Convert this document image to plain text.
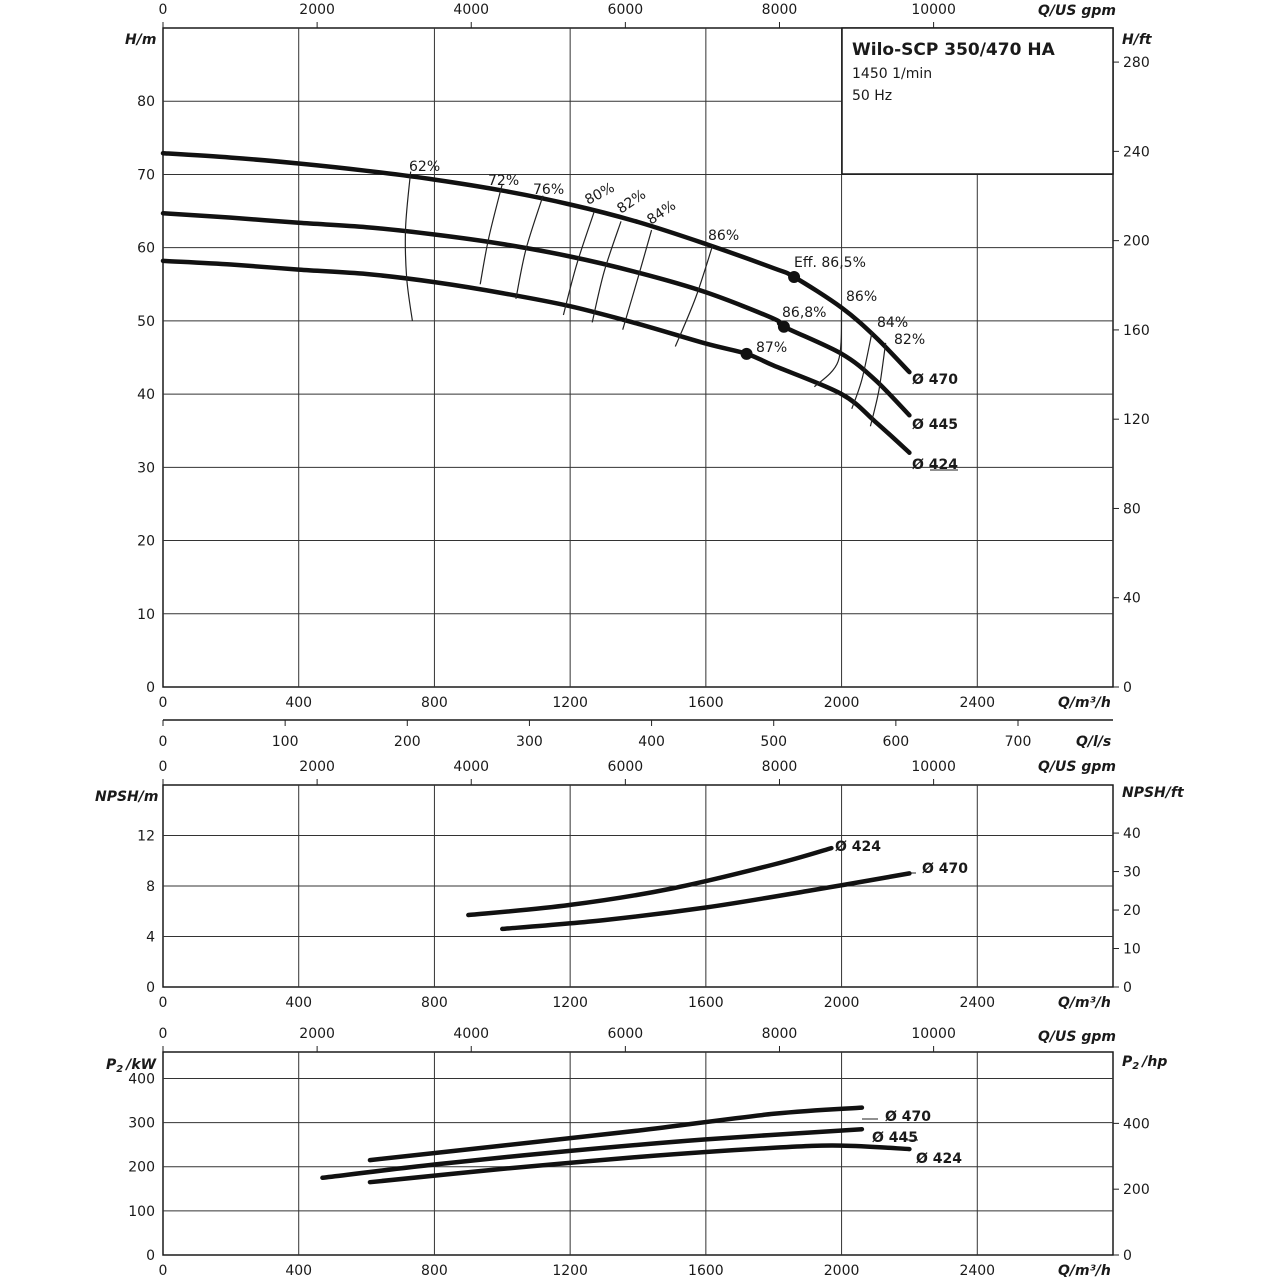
0	400	800	1200	1600	2000	2400
0
10
20
30
40
50
60
70
80
0	2000	4000	6000	8000	10000
0
40
80
120
160
200
240
280
0	400	800	1200	1600	2000	2400
0
4
8
12
0	2000	4000	6000	8000	10000
0
10
20
30
40
0	400	800	1200	1600	2000	2400
0
100
200
300
400
0	2000	4000	6000	8000	10000
0
200
400
0	100	200	300	400	500	600	700
62%
72%
76% 80%
82%
84%
86%
86%
84%
82%
Eff. 86,5%
86,8%
87%
Ø 470
Ø 445
Ø 424
Ø 424
Ø 470
Ø 470
Ø 445
Ø 424
H/m	H/ft
Q/US gpm
Q/m³/h
Q/l/s
Wilo-SCP 350/470 HA
1450 1/min
50 Hz
NPSH/m	NPSH/ft
Q/US gpm
Q/m³/h
$P_2$ /kW	$P_2$ /hp
Q/US gpm
Q/m³/h
